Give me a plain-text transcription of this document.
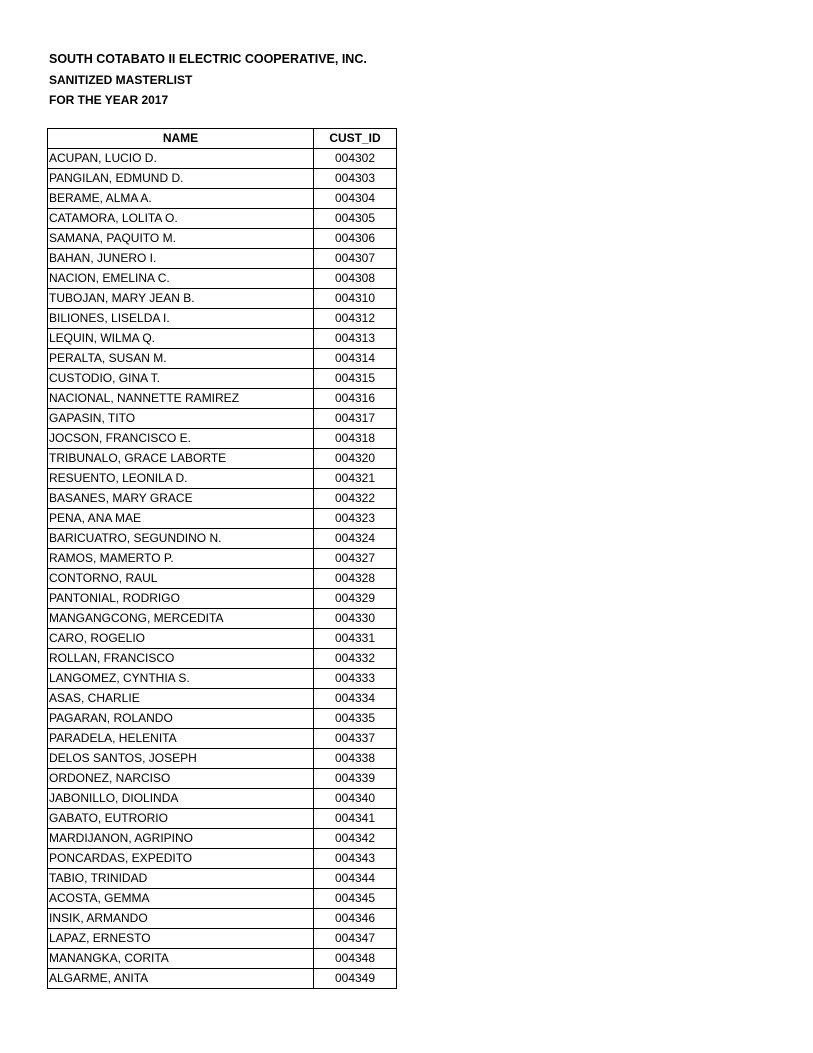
SOUTH COTABATO II ELECTRIC COOPERATIVE, INC.
SANITIZED MASTERLIST
FOR THE YEAR 2017
NAME	CUST_ID
ACUPAN, LUCIO D.	004302
PANGILAN, EDMUND D.	004303
BERAME, ALMA A.	004304
CATAMORA, LOLITA O.	004305
SAMANA, PAQUITO M.	004306
BAHAN, JUNERO I.	004307
NACION, EMELINA C.	004308
TUBOJAN, MARY JEAN B.	004310
BILIONES, LISELDA I.	004312
LEQUIN, WILMA Q.	004313
PERALTA, SUSAN M.	004314
CUSTODIO, GINA T.	004315
NACIONAL, NANNETTE RAMIREZ	004316
GAPASIN, TITO	004317
JOCSON, FRANCISCO E.	004318
TRIBUNALO, GRACE LABORTE	004320
RESUENTO, LEONILA D.	004321
BASANES, MARY GRACE	004322
PENA, ANA MAE	004323
BARICUATRO, SEGUNDINO N.	004324
RAMOS, MAMERTO P.	004327
CONTORNO, RAUL	004328
PANTONIAL, RODRIGO	004329
MANGANGCONG, MERCEDITA	004330
CARO, ROGELIO	004331
ROLLAN, FRANCISCO	004332
LANGOMEZ, CYNTHIA S.	004333
ASAS, CHARLIE	004334
PAGARAN, ROLANDO	004335
PARADELA, HELENITA	004337
DELOS SANTOS, JOSEPH	004338
ORDONEZ, NARCISO	004339
JABONILLO, DIOLINDA	004340
GABATO, EUTRORIO	004341
MARDIJANON, AGRIPINO	004342
PONCARDAS, EXPEDITO	004343
TABIO, TRINIDAD	004344
ACOSTA, GEMMA	004345
INSIK, ARMANDO	004346
LAPAZ, ERNESTO	004347
MANANGKA, CORITA	004348
ALGARME, ANITA	004349
